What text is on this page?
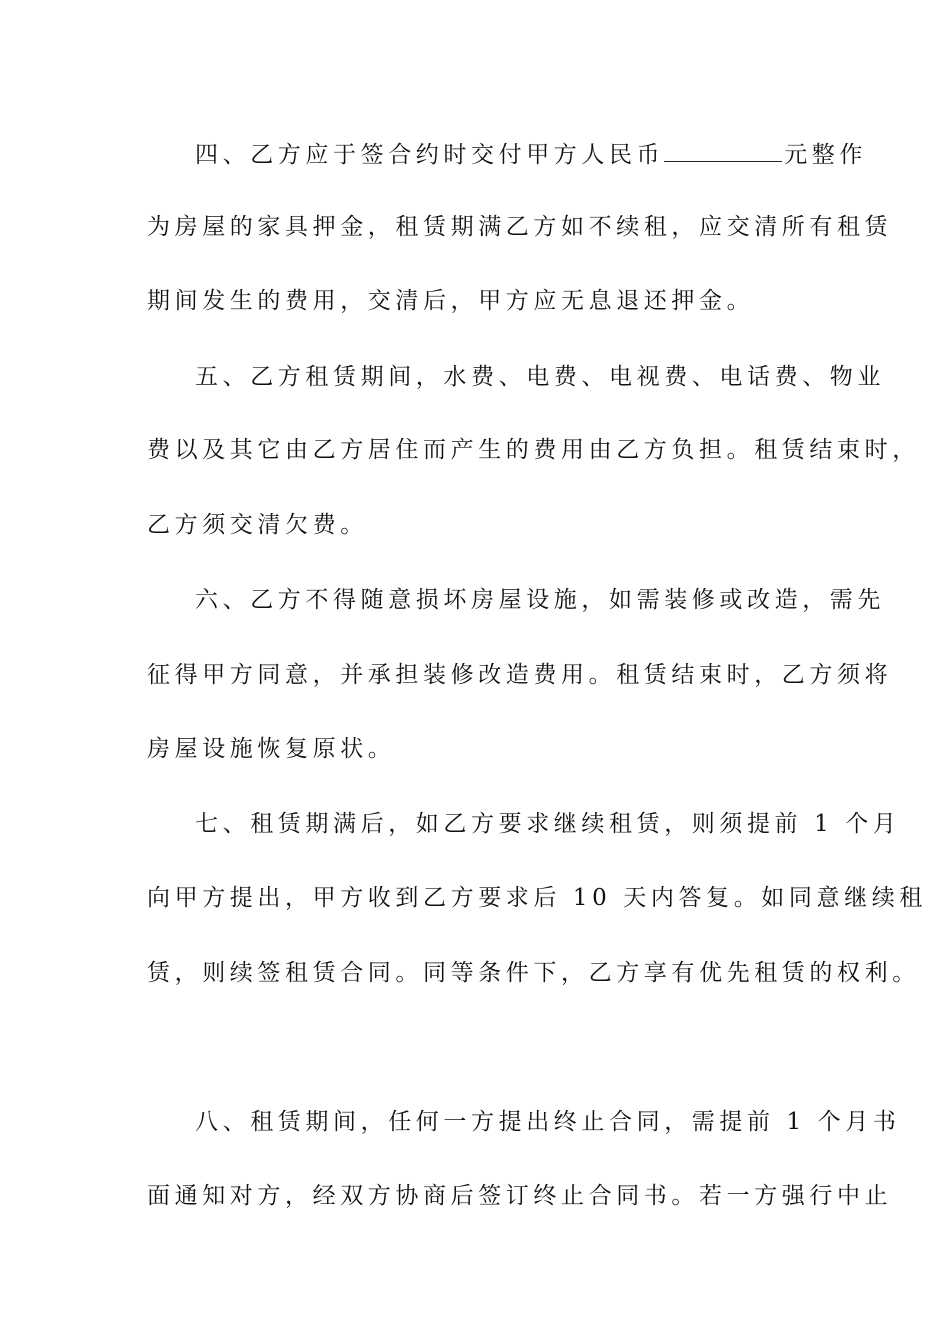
四、乙方应于签合约时交付甲方人民币	元整作
为房屋的家具押金，租赁期满乙方如不续租，应交清所有租赁
期间发生的费用，交清后，甲方应无息退还押金。
五、乙方租赁期间，水费、电费、电视费、电话费、物业
费以及其它由乙方居住而产生的费用由乙方负担。租赁结束时，
乙方须交清欠费。
六、乙方不得随意损坏房屋设施，如需装修或改造，需先
征得甲方同意，并承担装修改造费用。租赁结束时，乙方须将
房屋设施恢复原状。
七、租赁期满后，如乙方要求继续租赁，则须提前 1 个月
向甲方提出，甲方收到乙方要求后 10 天内答复。如同意继续租
赁，则续签租赁合同。同等条件下，乙方享有优先租赁的权利。
八、租赁期间，任何一方提出终止合同，需提前 1 个月书
面通知对方，经双方协商后签订终止合同书。若一方强行中止
